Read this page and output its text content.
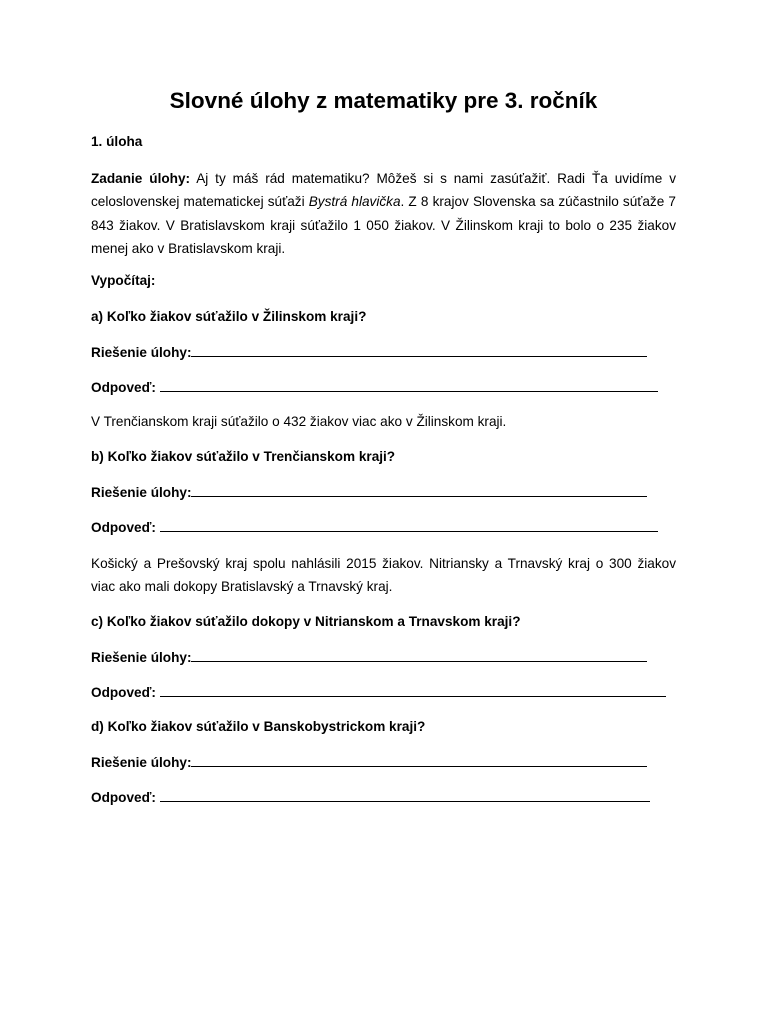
Slovné úlohy z matematiky pre 3. ročník

1. úloha

Zadanie úlohy: Aj ty máš rád matematiku? Môžeš si s nami zasúťažiť. Radi Ťa uvidíme v celoslovenskej matematickej súťaži Bystrá hlavička. Z 8 krajov Slovenska sa zúčastnilo súťaže 7 843 žiakov. V Bratislavskom kraji súťažilo 1 050 žiakov. V Žilinskom kraji to bolo o 235 žiakov menej ako v Bratislavskom kraji.

Vypočítaj:

a) Koľko žiakov súťažilo v Žilinskom kraji?

Riešenie úlohy:

Odpoveď:

V Trenčianskom kraji súťažilo o 432 žiakov viac ako v Žilinskom kraji.

b) Koľko žiakov súťažilo v Trenčianskom kraji?

Riešenie úlohy:

Odpoveď:

Košický a Prešovský kraj spolu nahlásili 2015 žiakov. Nitriansky a Trnavský kraj o 300 žiakov viac ako mali dokopy Bratislavský a Trnavský kraj.

c) Koľko žiakov súťažilo dokopy v Nitrianskom a Trnavskom kraji?

Riešenie úlohy:

Odpoveď:

d) Koľko žiakov súťažilo v Banskobystrickom kraji?

Riešenie úlohy:

Odpoveď:
